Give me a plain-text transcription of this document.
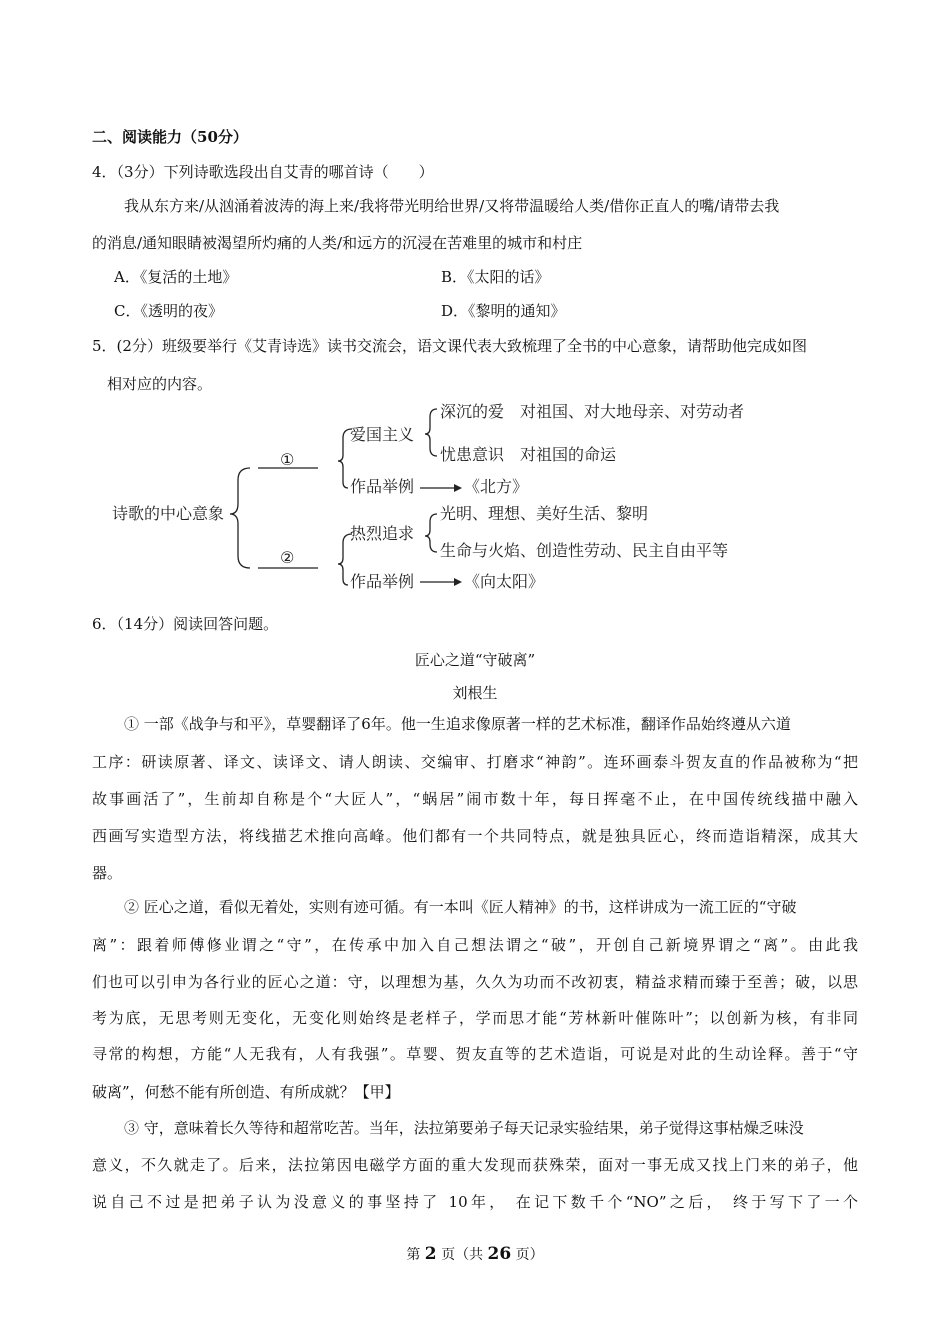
二、阅读能力（50分）
4．（3分）下列诗歌选段出自艾青的哪首诗（　　）
我从东方来/从汹涌着波涛的海上来/我将带光明给世界/又将带温暖给人类/借你正直人的嘴/请带去我
的消息/通知眼睛被渴望所灼痛的人类/和远方的沉浸在苦难里的城市和村庄
A．《复活的土地》	B．《太阳的话》
C．《透明的夜》	D．《黎明的通知》
5．(2分）班级要举行《艾青诗选》读书交流会，语文课代表大致梳理了全书的中心意象，请帮助他完成如图
相对应的内容。
诗歌的中心意象
①
②
爱国主义
深沉的爱　对祖国、对大地母亲、对劳动者
忧患意识　对祖国的命运
作品举例	《北方》
热烈追求
光明、理想、美好生活、黎明
生命与火焰、创造性劳动、民主自由平等
作品举例	《向太阳》
6．（14分）阅读回答问题。
匠心之道“守破离”
刘根生
① 一部《战争与和平》，草婴翻译了6年。他一生追求像原著一样的艺术标准，翻译作品始终遵从六道
工序：研读原著、译文、读译文、请人朗读、交编审、打磨求“神韵”。连环画泰斗贺友直的作品被称为“把
故事画活了”，生前却自称是个“大匠人”，“蜗居”闹市数十年，每日挥毫不止，在中国传统线描中融入
西画写实造型方法，将线描艺术推向高峰。他们都有一个共同特点，就是独具匠心，终而造诣精深，成其大
器。
② 匠心之道，看似无着处，实则有迹可循。有一本叫《匠人精神》的书，这样讲成为一流工匠的“守破
离”：跟着师傅修业谓之“守”，在传承中加入自己想法谓之“破”，开创自己新境界谓之“离”。由此我
们也可以引申为各行业的匠心之道：守，以理想为基，久久为功而不改初衷，精益求精而臻于至善；破，以思
考为底，无思考则无变化，无变化则始终是老样子，学而思才能“芳林新叶催陈叶”；以创新为核，有非同
寻常的构想，方能“人无我有，人有我强”。草婴、贺友直等的艺术造诣，可说是对此的生动诠释。善于“守
破离”，何愁不能有所创造、有所成就？【甲】
③ 守，意味着长久等待和超常吃苦。当年，法拉第要弟子每天记录实验结果，弟子觉得这事枯燥乏味没
意义，不久就走了。后来，法拉第因电磁学方面的重大发现而获殊荣，面对一事无成又找上门来的弟子，他
说自己不过是把弟子认为没意义的事坚持了 10年， 在记下数千个“NO”之后， 终于写下了一个
第 2 页（共 26 页）
